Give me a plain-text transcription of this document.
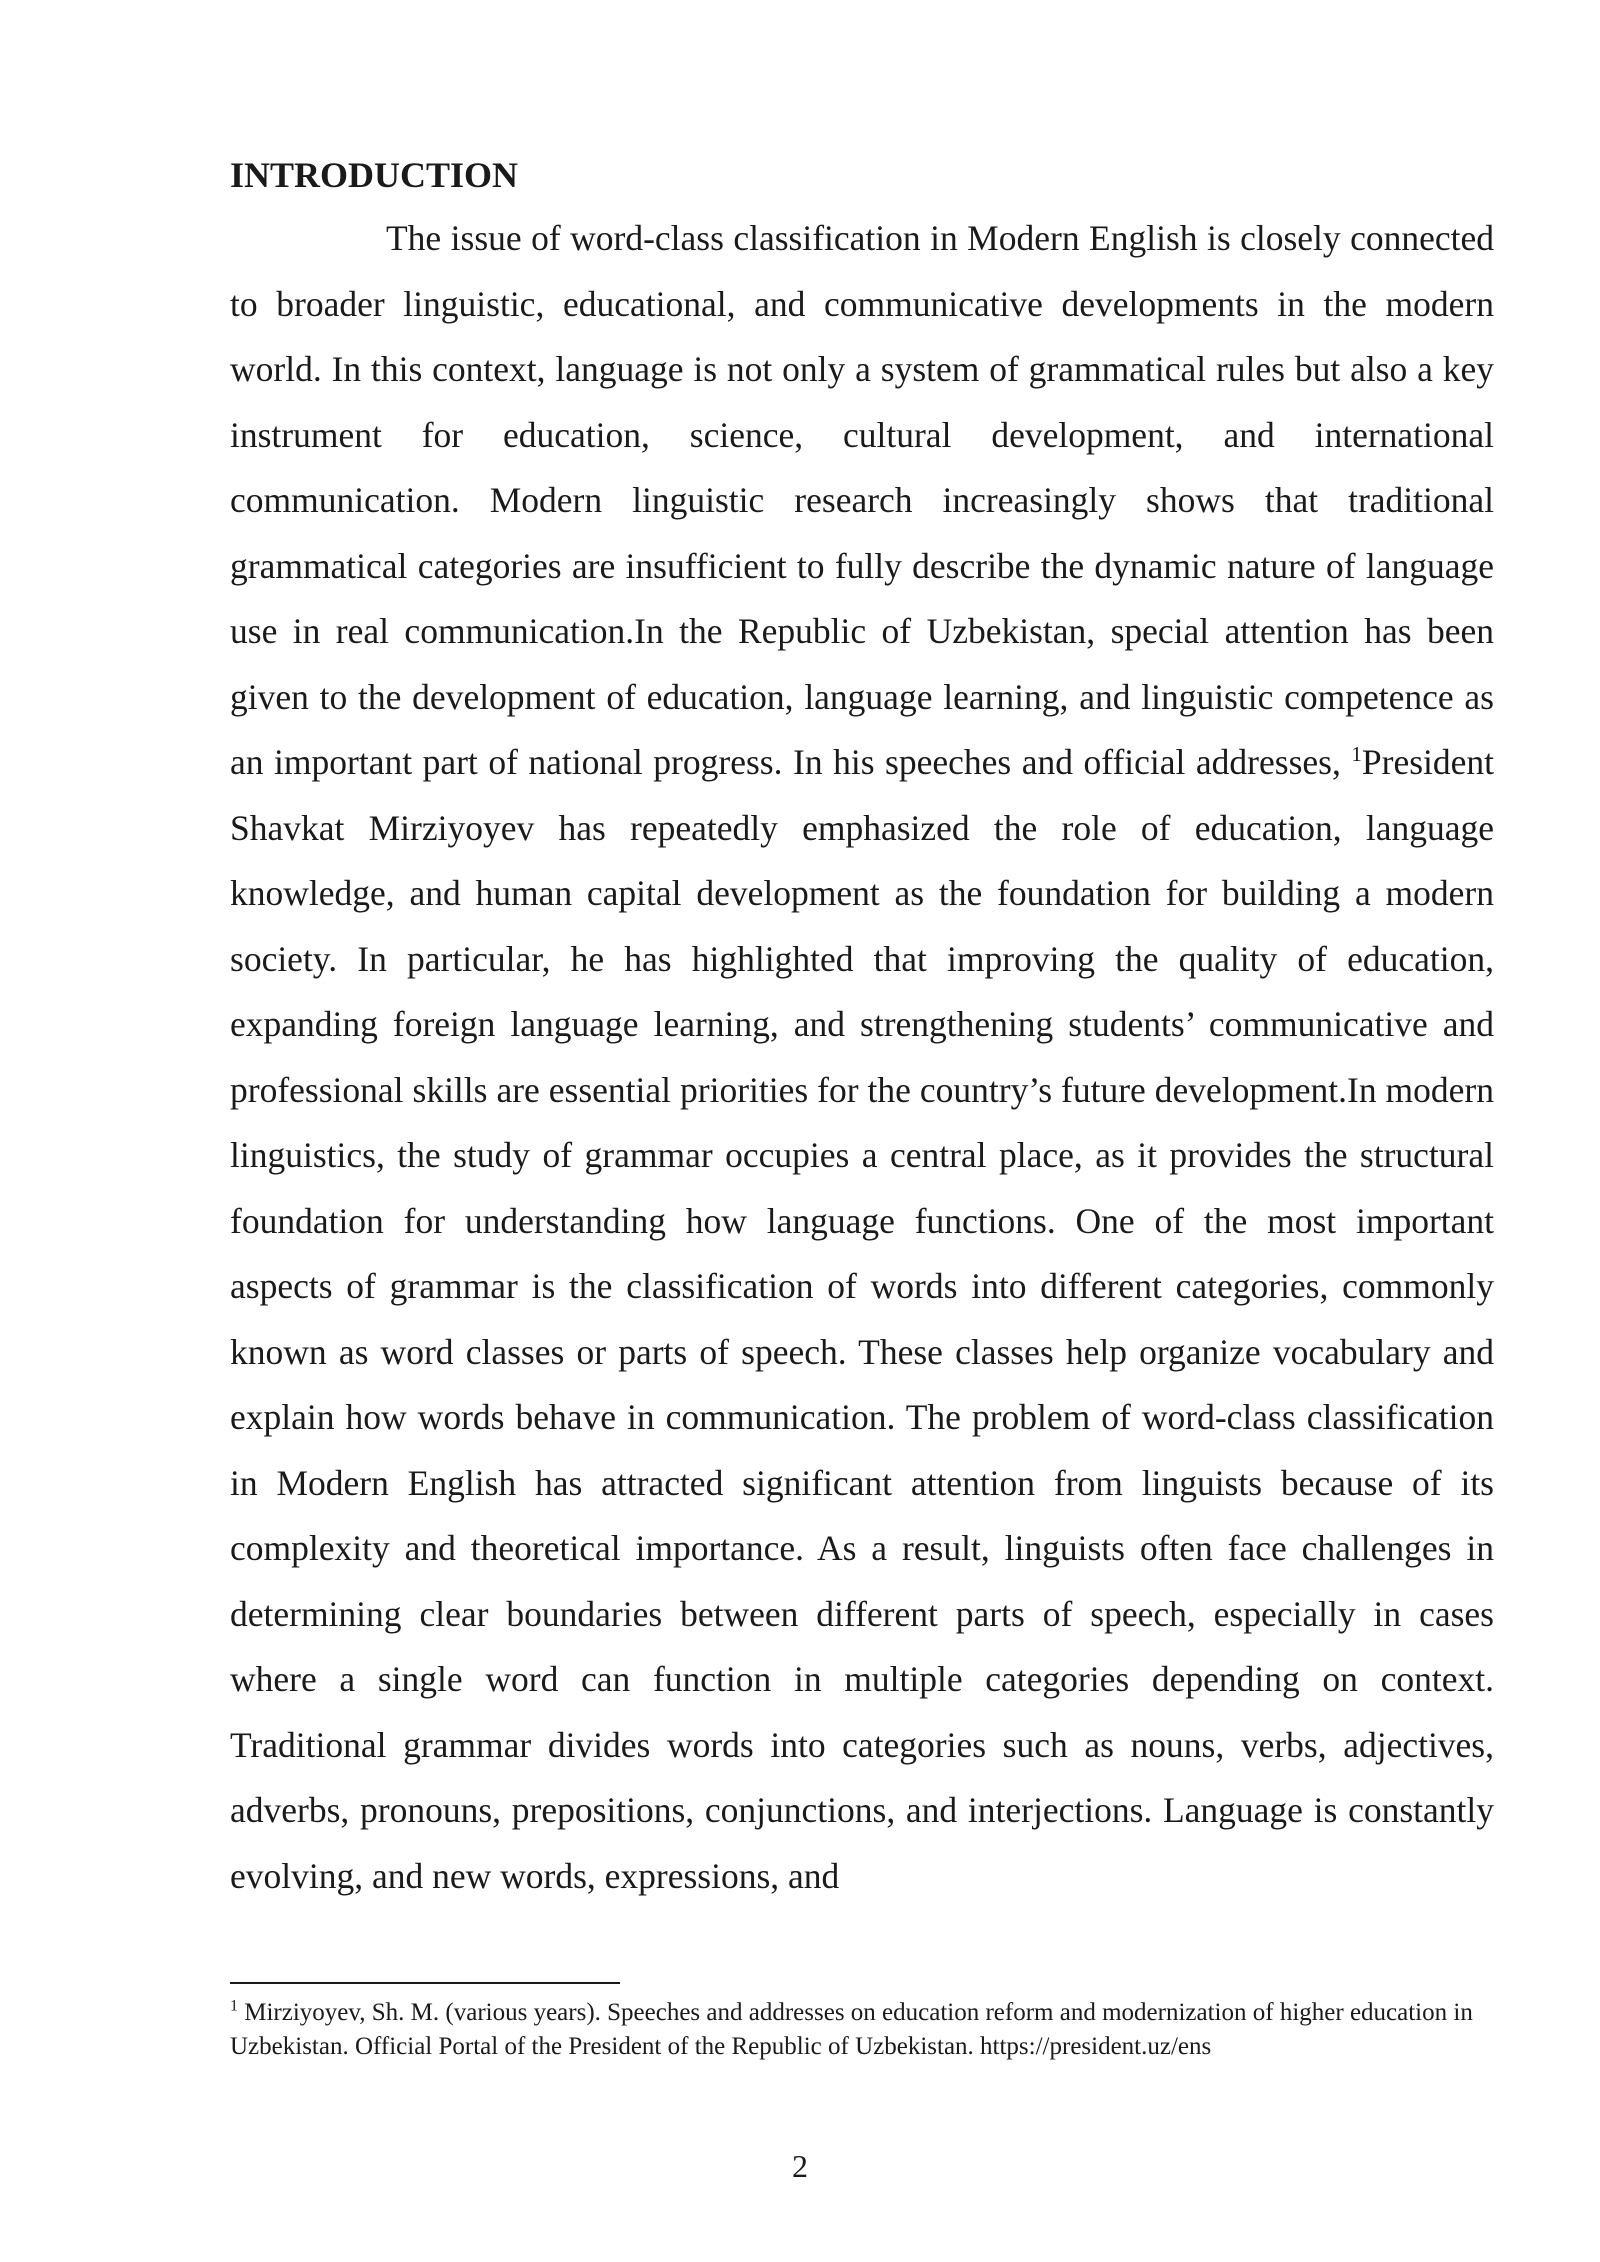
INTRODUCTION

The issue of word-class classification in Modern English is closely connected to broader linguistic, educational, and communicative developments in the modern world. In this context, language is not only a system of grammatical rules but also a key instrument for education, science, cultural development, and international communication. Modern linguistic research increasingly shows that traditional grammatical categories are insufficient to fully describe the dynamic nature of language use in real communication.In the Republic of Uzbekistan, special attention has been given to the development of education, language learning, and linguistic competence as an important part of national progress. In his speeches and official addresses, $^1$President Shavkat Mirziyoyev has repeatedly emphasized the role of education, language knowledge, and human capital development as the foundation for building a modern society. In particular, he has highlighted that improving the quality of education, expanding foreign language learning, and strengthening students’ communicative and professional skills are essential priorities for the country’s future development.In modern linguistics, the study of grammar occupies a central place, as it provides the structural foundation for understanding how language functions. One of the most important aspects of grammar is the classification of words into different categories, commonly known as word classes or parts of speech. These classes help organize vocabulary and explain how words behave in communication. The problem of word-class classification in Modern English has attracted significant attention from linguists because of its complexity and theoretical importance. As a result, linguists often face challenges in determining clear boundaries between different parts of speech, especially in cases where a single word can function in multiple categories depending on context. Traditional grammar divides words into categories such as nouns, verbs, adjectives, adverbs, pronouns, prepositions, conjunctions, and interjections. Language is constantly evolving, and new words, expressions, and

$^1$ Mirziyoyev, Sh. M. (various years). Speeches and addresses on education reform and modernization of higher education in Uzbekistan. Official Portal of the President of the Republic of Uzbekistan. https://president.uz/ens

2
